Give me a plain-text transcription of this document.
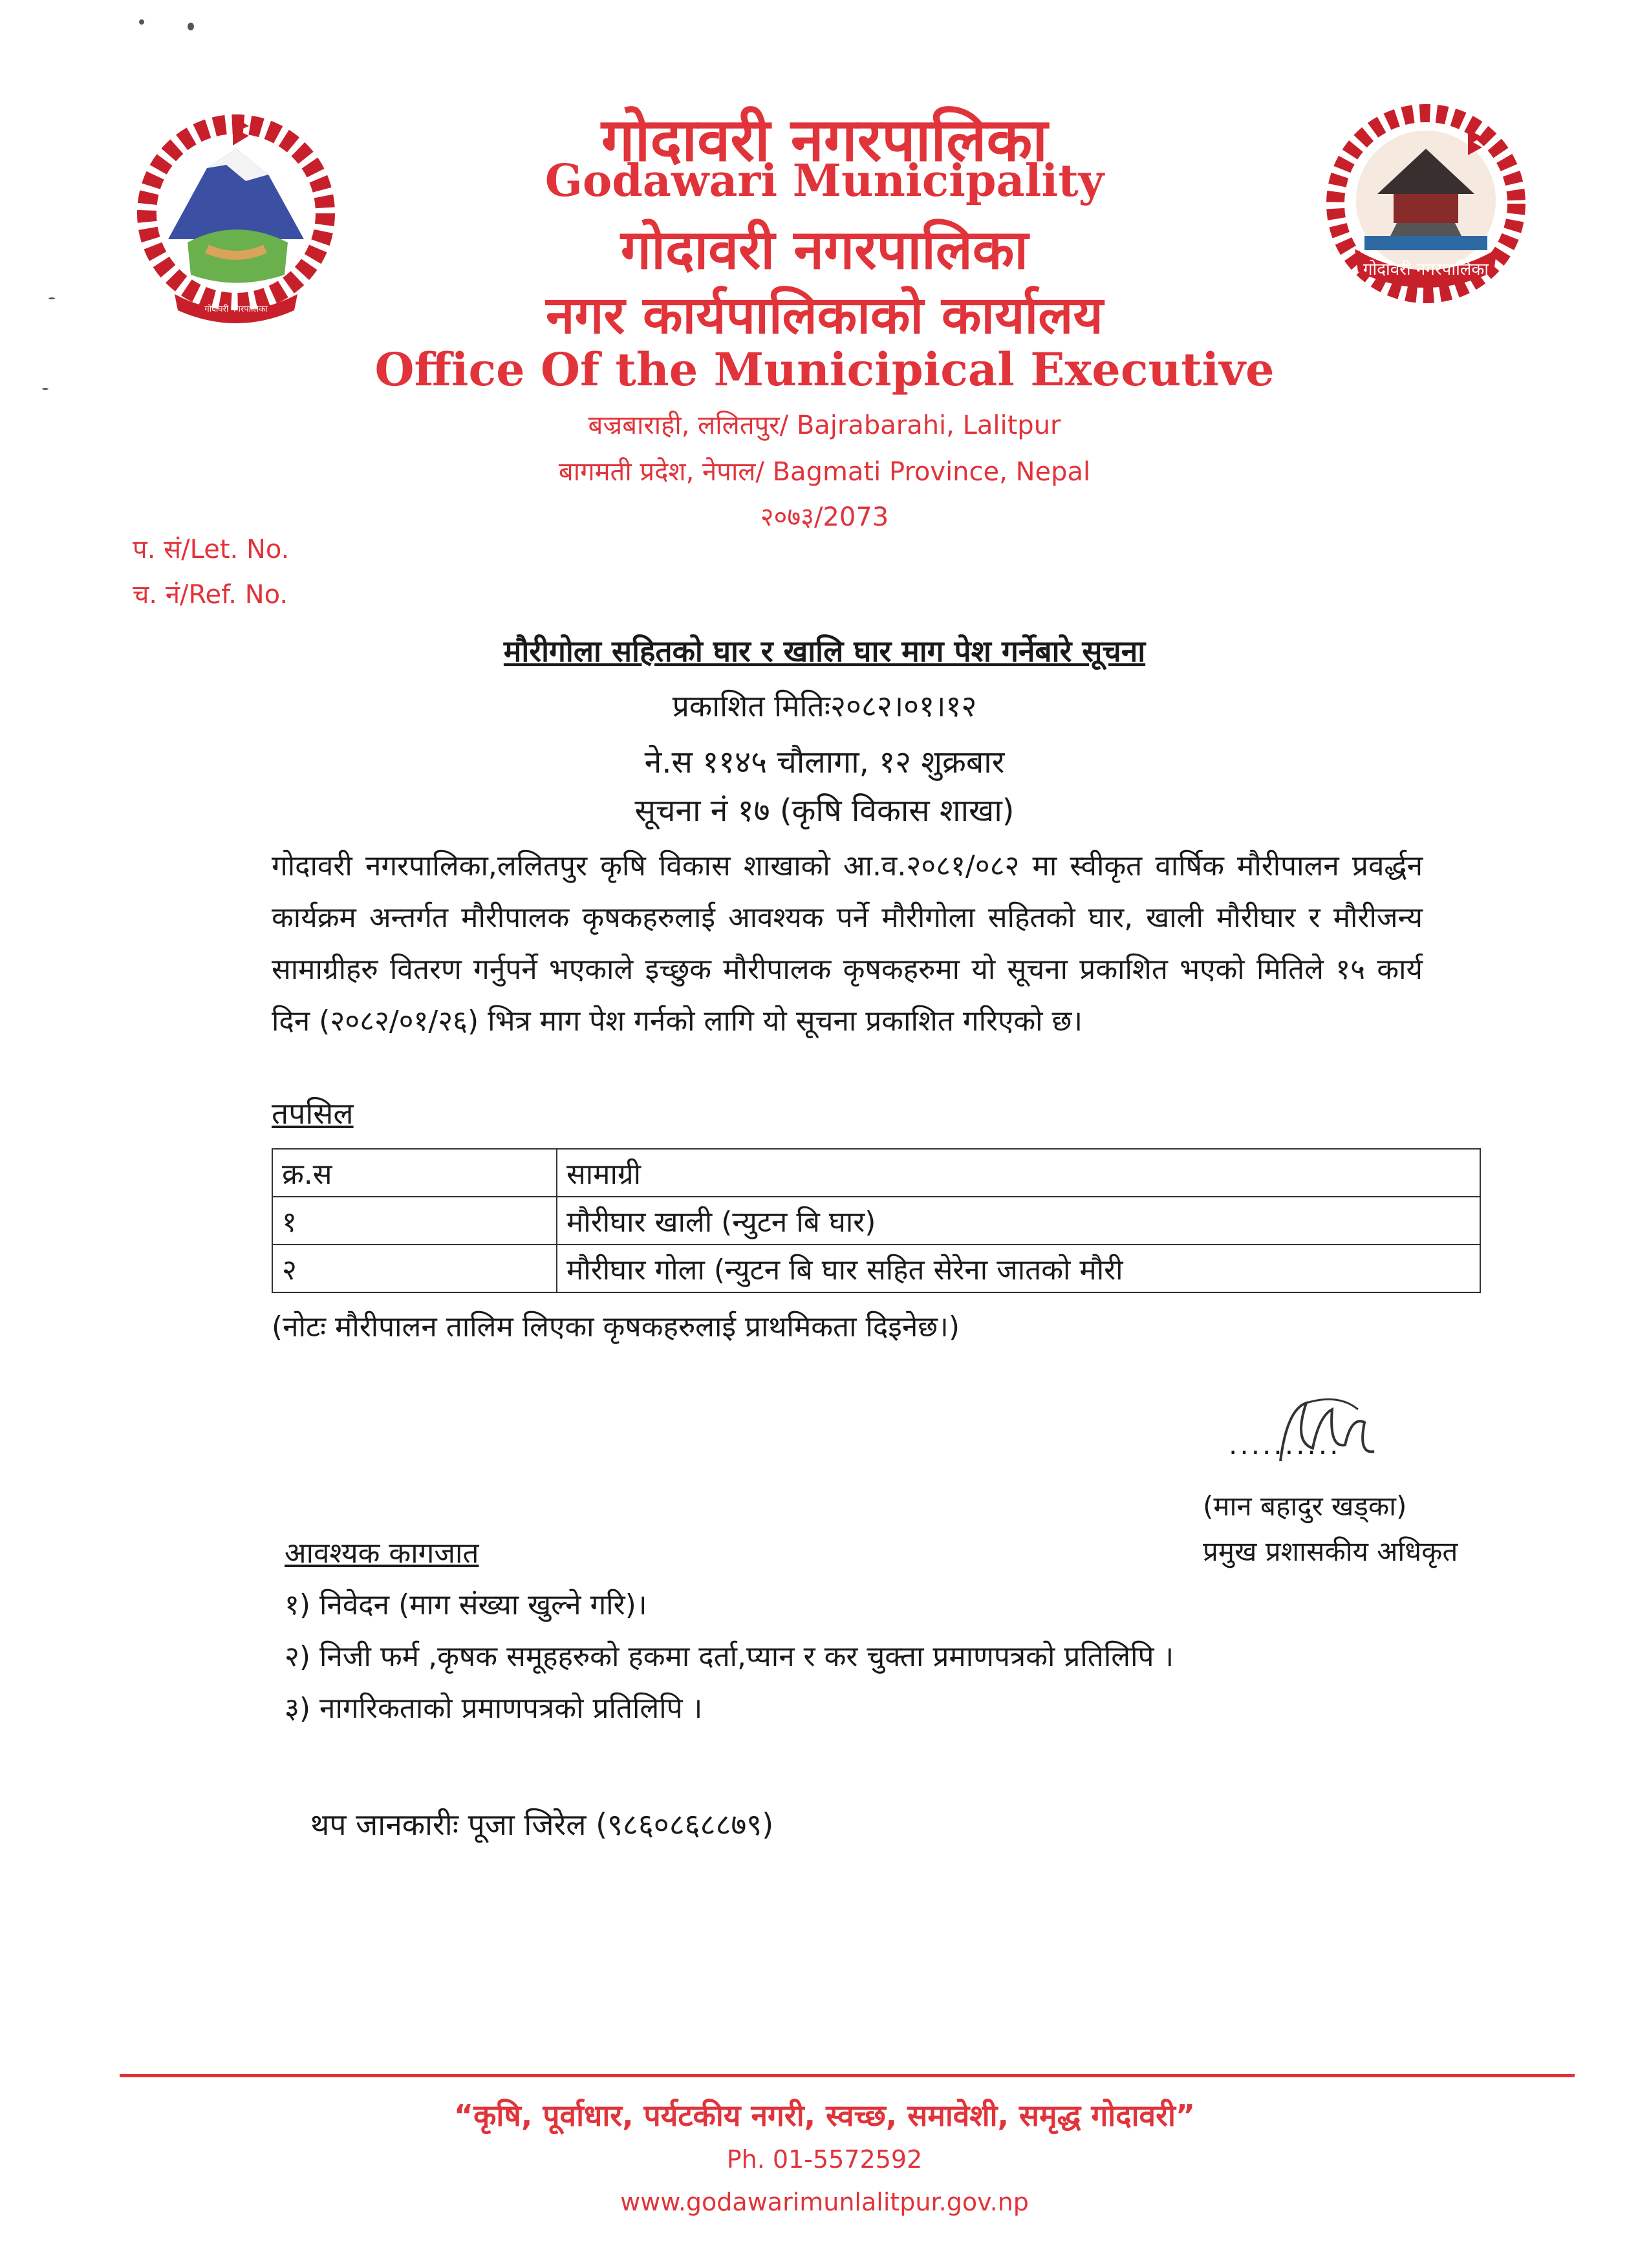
गोदावरी नगरपालिका
गोदावरी नगरपालिका
गोदावरी नगरपालिका
Godawari Municipality
गोदावरी नगरपालिका
नगर कार्यपालिकाको कार्यालय
Office Of the Municipical Executive
बज्रबाराही, ललितपुर/ Bajrabarahi, Lalitpur
बागमती प्रदेश, नेपाल/ Bagmati Province, Nepal
२०७३/2073
प. सं/Let. No.
च. नं/Ref. No.
मौरीगोला सहितको घार र खालि घार माग पेश गर्नेबारे सूचना
प्रकाशित मितिः२०८२।०१।१२
ने.स ११४५ चौलागा, १२ शुक्रबार
सूचना नं १७ (कृषि विकास शाखा)
गोदावरी नगरपालिका,ललितपुर कृषि विकास शाखाको आ.व.२०८१/०८२ मा स्वीकृत वार्षिक मौरीपालन प्रवर्द्धन कार्यक्रम अन्तर्गत मौरीपालक कृषकहरुलाई आवश्यक पर्ने मौरीगोला सहितको घार, खाली मौरीघार र मौरीजन्य सामाग्रीहरु वितरण गर्नुपर्ने भएकाले इच्छुक मौरीपालक कृषकहरुमा यो सूचना प्रकाशित भएको मितिले १५ कार्य दिन (२०८२/०१/२६) भित्र माग पेश गर्नको लागि यो सूचना प्रकाशित गरिएको छ।
तपसिल
क्र.स	सामाग्री
१	मौरीघार खाली (न्युटन बि घार)
२	मौरीघार गोला (न्युटन बि घार सहित सेरेना जातको मौरी
(नोटः मौरीपालन तालिम लिएका कृषकहरुलाई प्राथमिकता दिइनेछ।)
..........
(मान बहादुर खड्का)
प्रमुख प्रशासकीय अधिकृत
आवश्यक कागजात
१) निवेदन (माग संख्या खुल्ने गरि)।
२) निजी फर्म ,कृषक समूहहरुको हकमा दर्ता,प्यान र कर चुक्ता प्रमाणपत्रको प्रतिलिपि ।
३) नागरिकताको प्रमाणपत्रको प्रतिलिपि ।
थप जानकारीः पूजा जिरेल (९८६०८६८८७९)
“कृषि, पूर्वाधार, पर्यटकीय नगरी, स्वच्छ, समावेशी, समृद्ध गोदावरी”
Ph. 01-5572592
www.godawarimunlalitpur.gov.np
